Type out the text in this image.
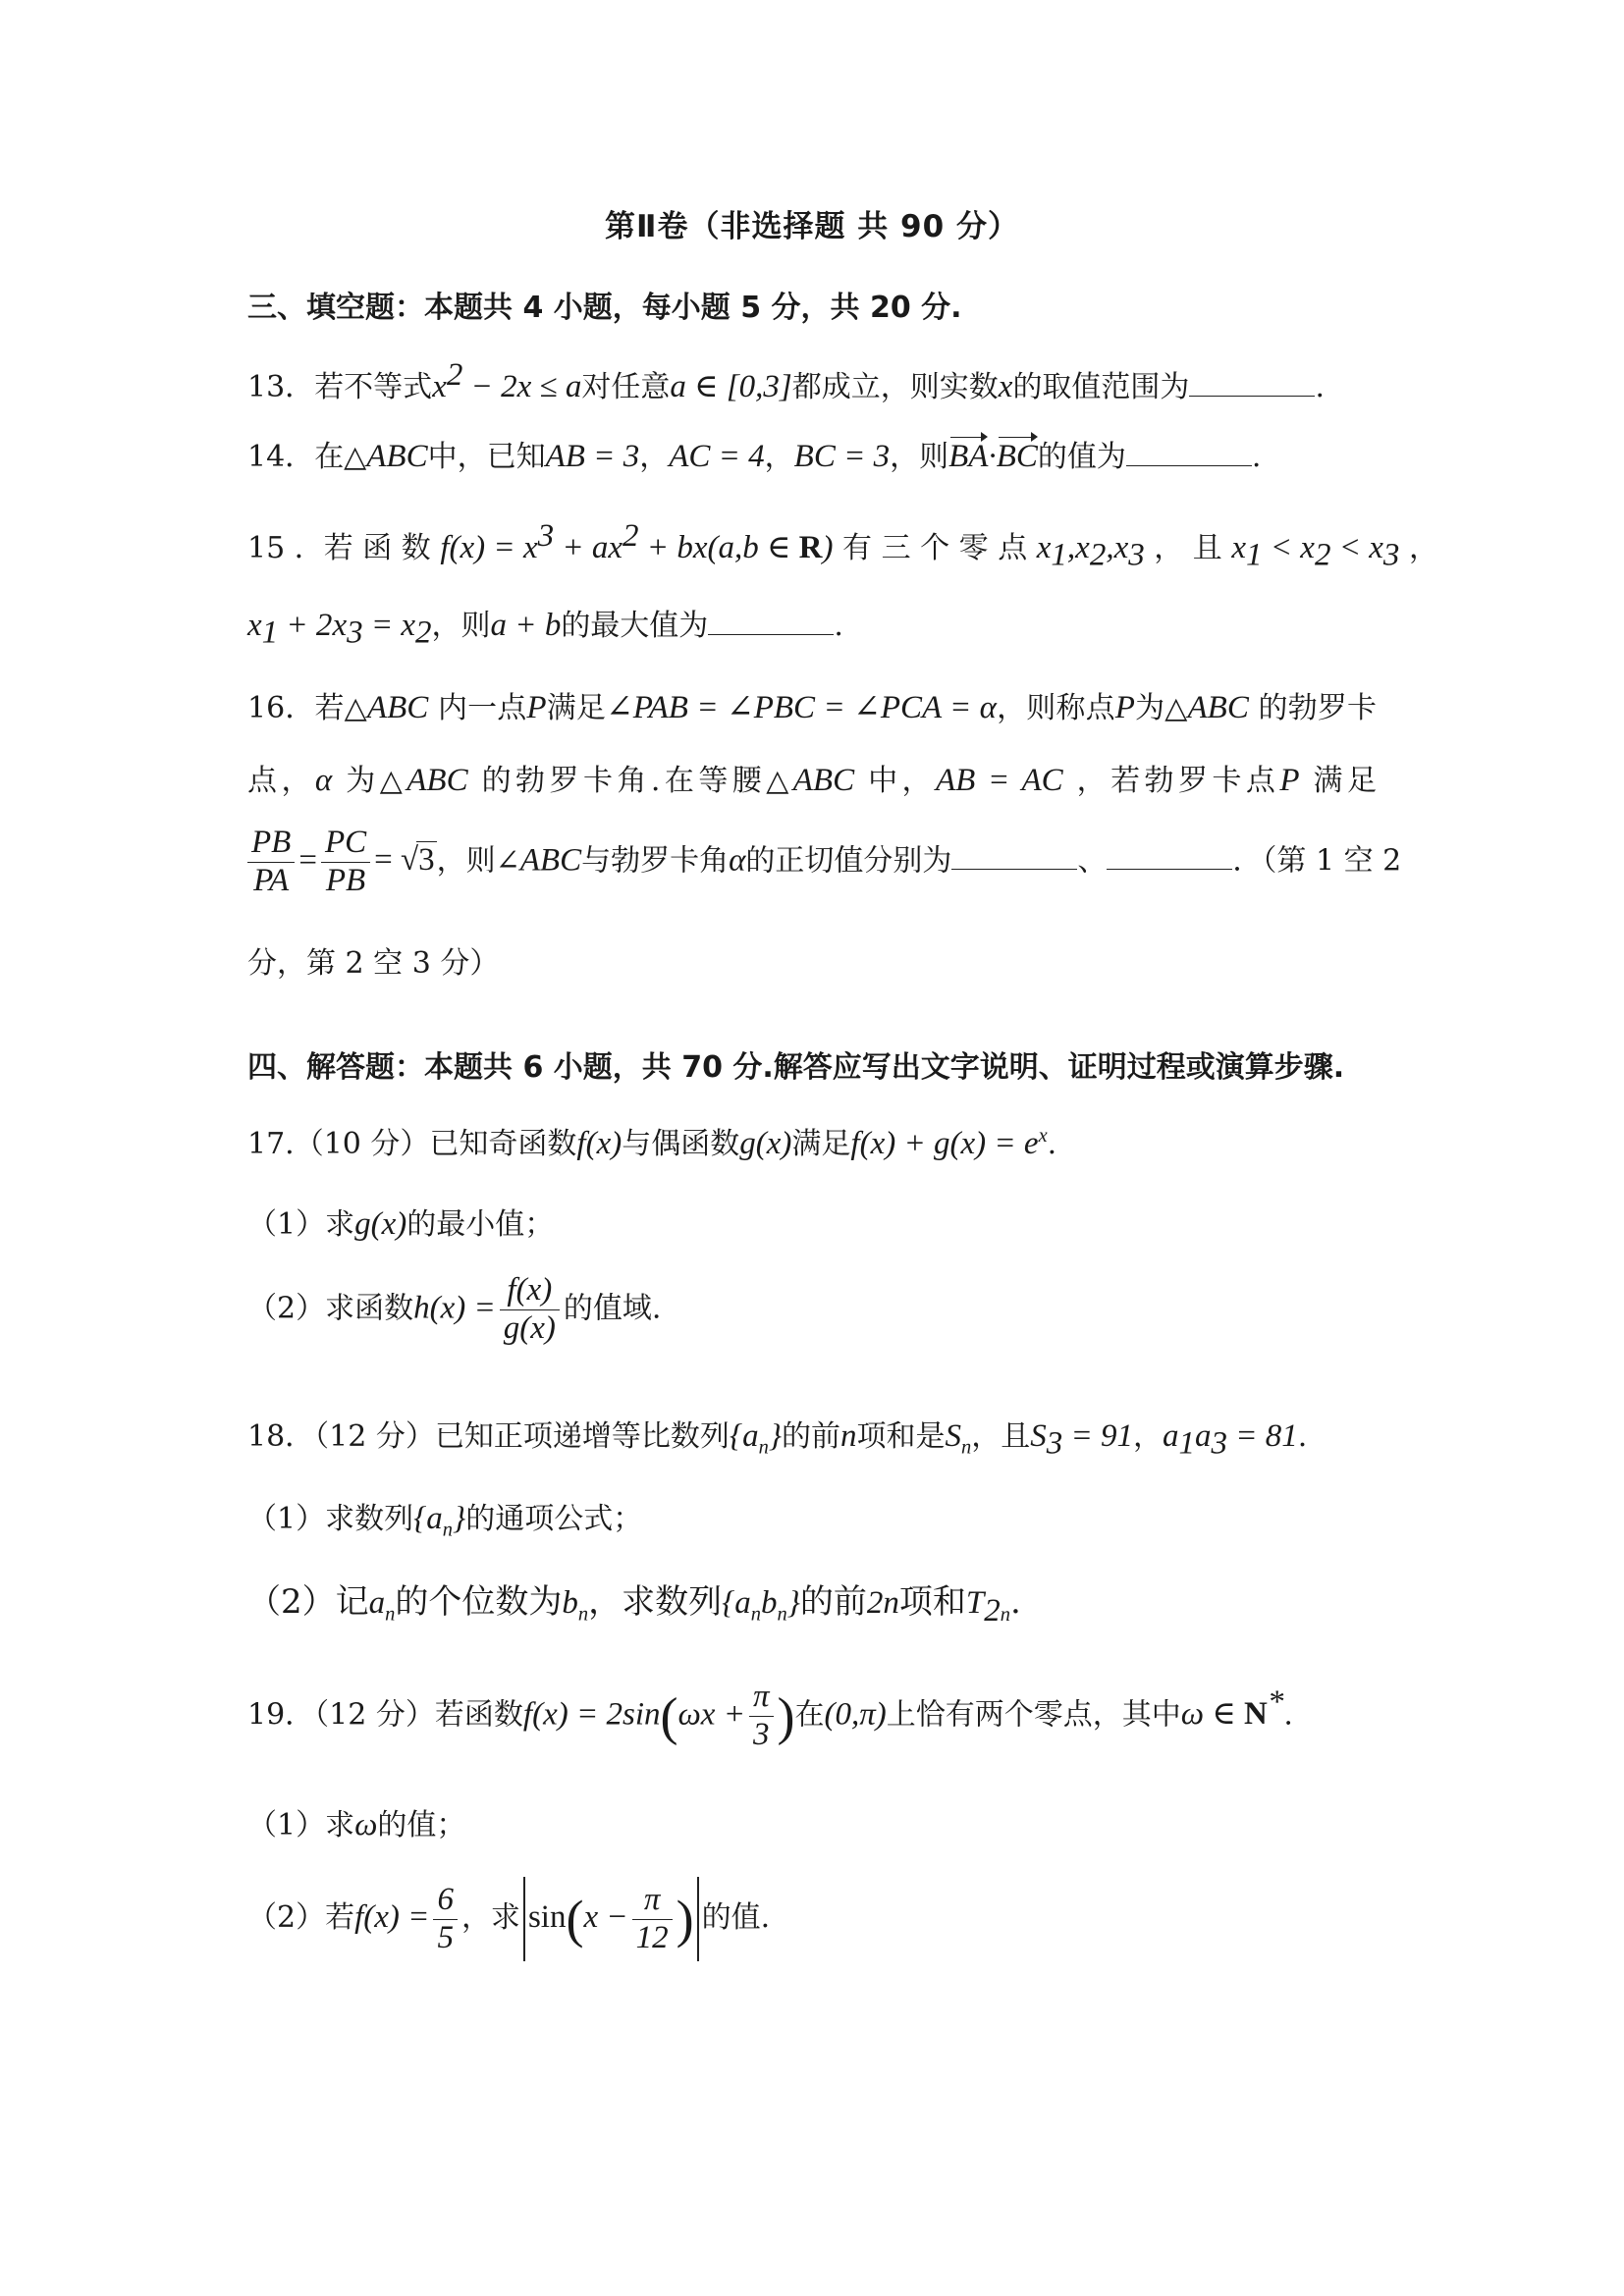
第Ⅱ卷（非选择题 共 90 分）
三、填空题：本题共 4 小题，每小题 5 分，共 20 分.
13．若不等式$x^2 - 2x \le a$对任意a ∈ [0,3]都成立，则实数x的取值范围为	.
14．在△ABC中，已知AB = 3，AC = 4，BC = 3，则BA·BC的值为	.
15 ．若 函 数 $f(x) = x^3 + ax^2 + bx(a,b$ ∈ R) 有 三 个 零 点 $x_1,x_2,x_3$ ， 且 $x_1 < x_2 < x_3$ ，
$x_1 + 2x_3 = x_2$，则a + b的最大值为	.
16．若△ABC 内一点P满足∠PAB = ∠PBC = ∠PCA = α，则称点P为△ABC 的勃罗卡
点，α 为△ABC 的勃罗卡角.在等腰△ABC 中，AB = AC ，若勃罗卡点P 满足
$\frac{PB}{PA} = \frac{PC}{PB} = √3$，则∠ABC与勃罗卡角α的正切值分别为	、	．（第 1 空 2
分，第 2 空 3 分）
四、解答题：本题共 6 小题，共 70 分.解答应写出文字说明、证明过程或演算步骤.
17.（10 分）已知奇函数f(x)与偶函数g(x)满足$f(x) + g(x) = e^x$.
（1）求g(x)的最小值；
（2）求函数$h(x) = \frac{f(x)}{g(x)}$ 的值域.
18．（12 分）已知正项递增等比数列$\{a_n\}$的前n项和是$S_n$，且$S_3 = 91$，$a_1a_3 = 81$.
（1）求数列$\{a_n\}$的通项公式；
（2）记$a_n$的个位数为$b_n$，求数列$\{a_nb_n\}$的前2n项和$T_{2n}$.
19．（12 分）若函数$f(x) = 2\sin(\omega x + \frac{\pi}{3}$ )在(0,π)上恰有两个零点，其中ω ∈ N*.
（1）求ω的值；
（2）若$f(x) = \frac{6}{5}$ ，求 $\sin(x - \frac{\pi}{12}$ ) 的值.
